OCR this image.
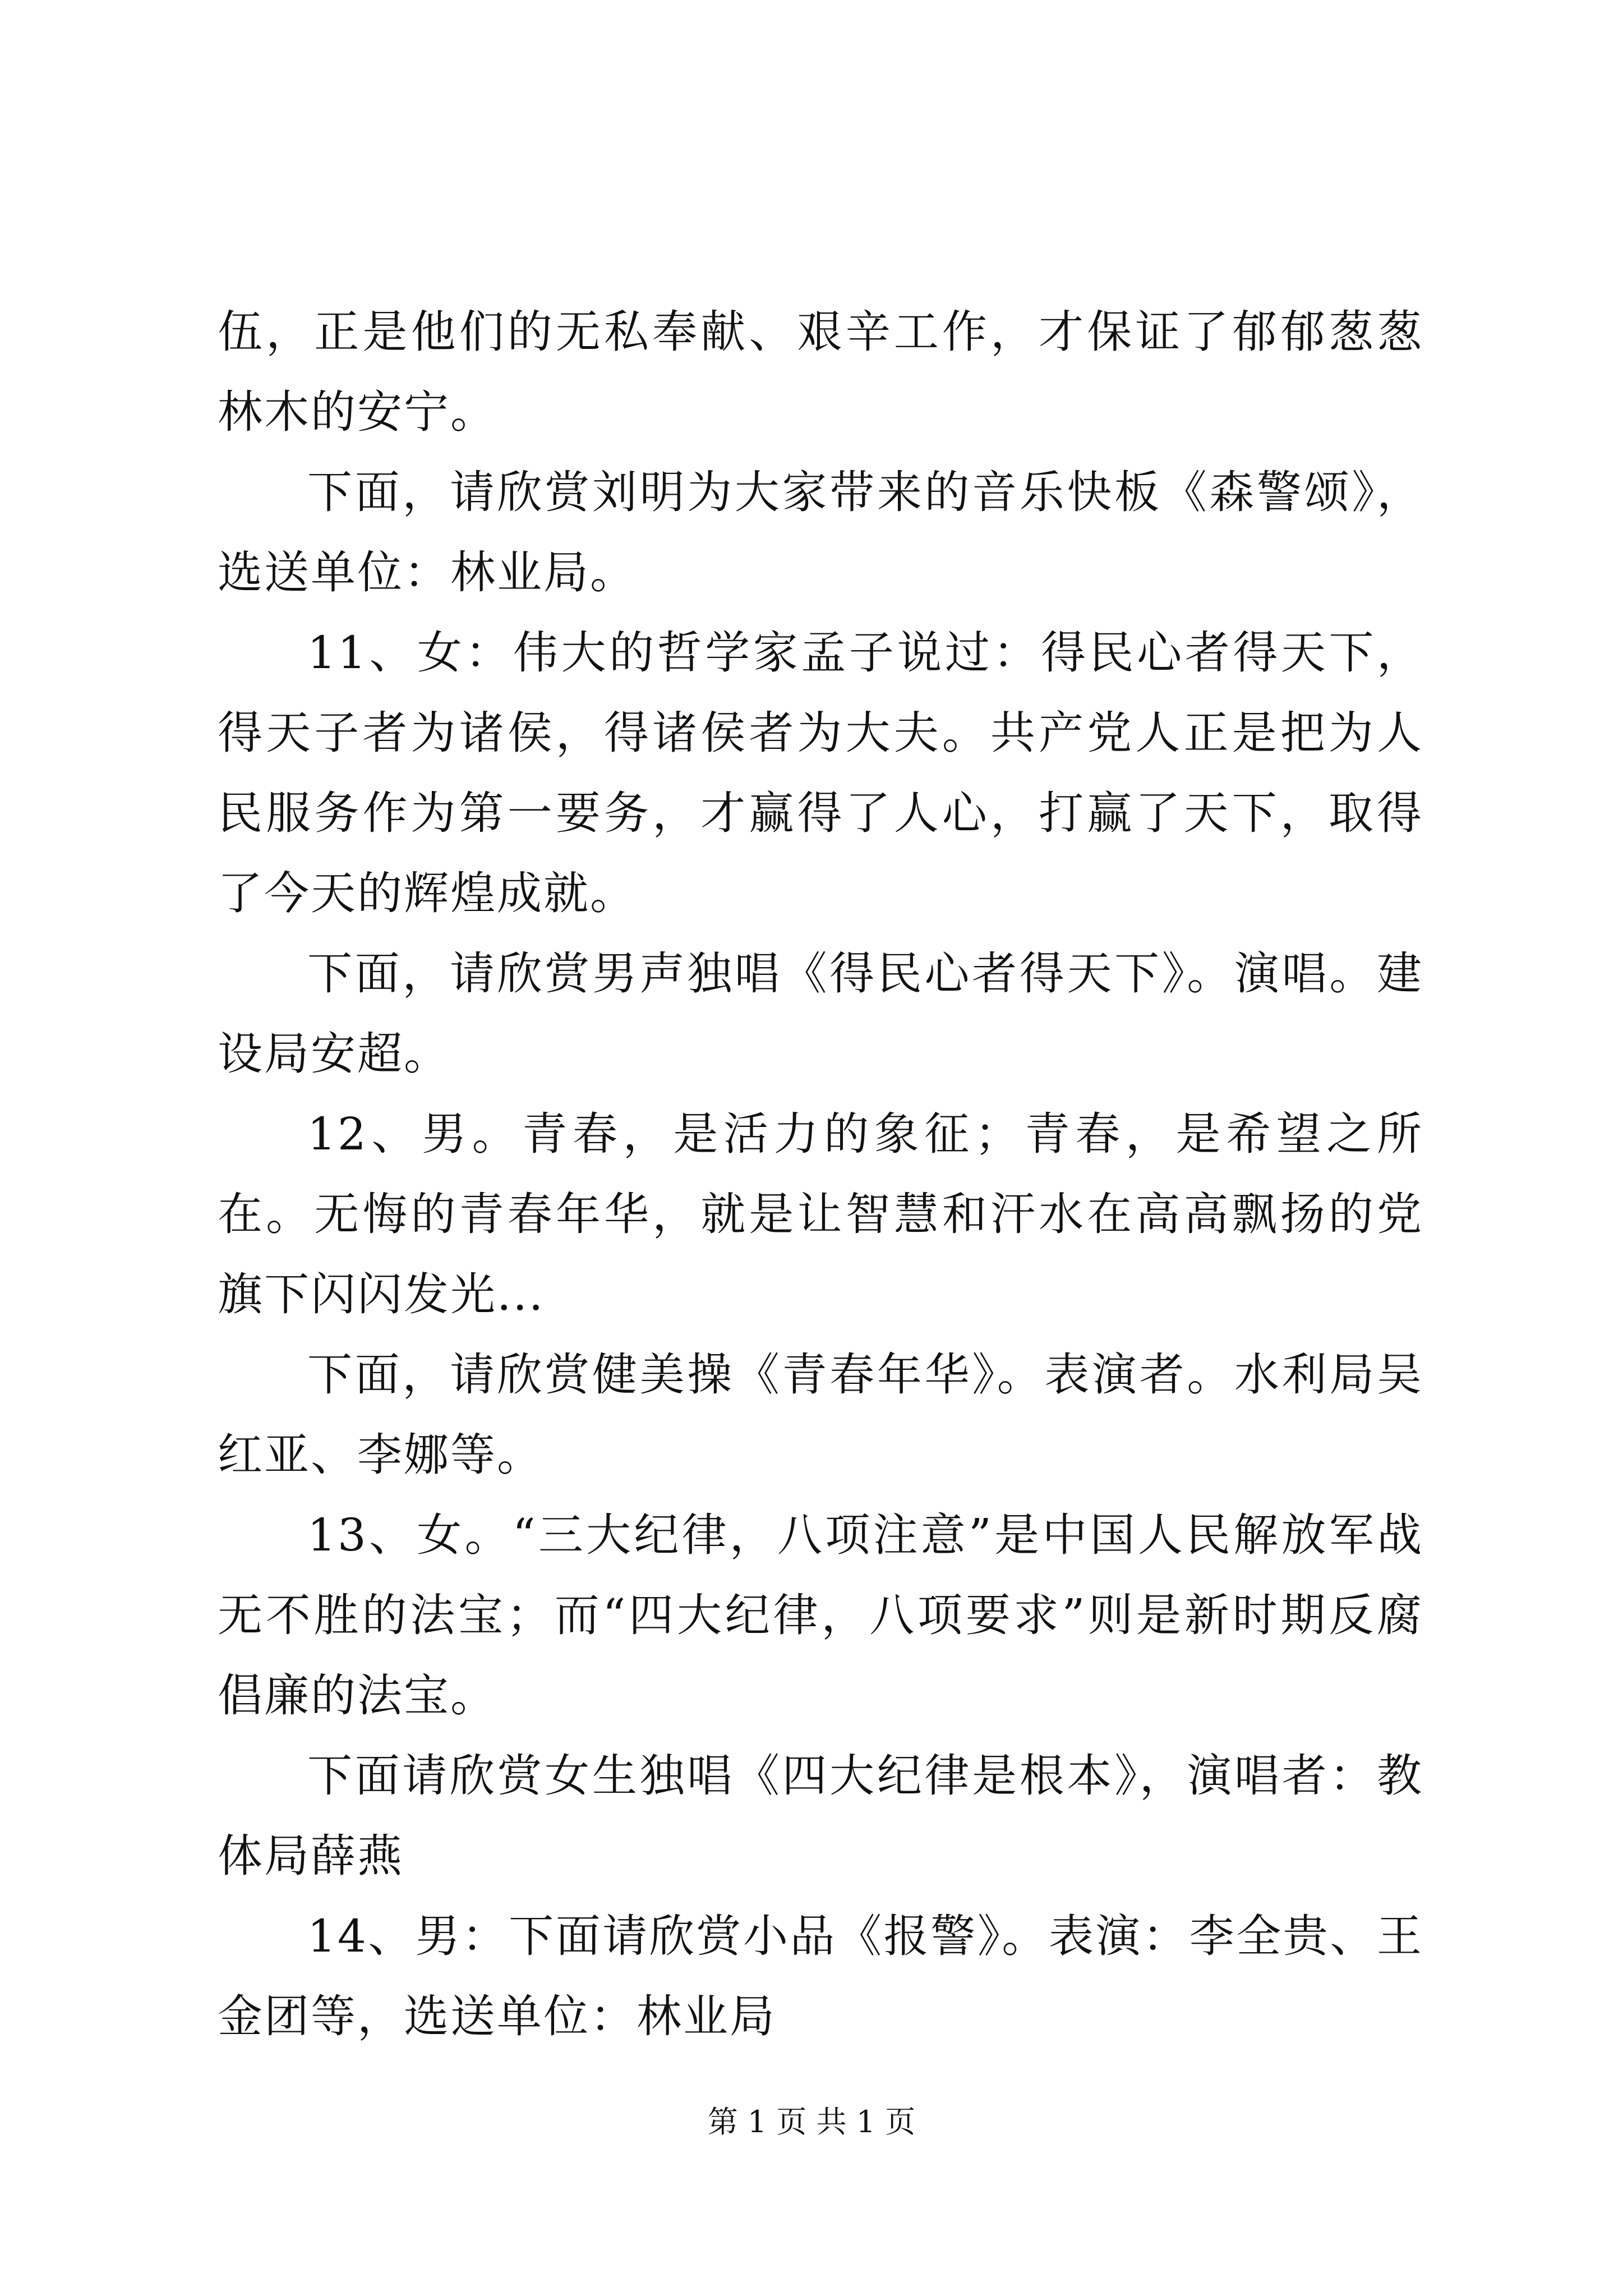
伍，正是他们的无私奉献、艰辛工作，才保证了郁郁葱葱林木的安宁。

下面，请欣赏刘明为大家带来的音乐快板《森警颂》，选送单位：林业局。

11、女：伟大的哲学家孟子说过：得民心者得天下，得天子者为诸侯，得诸侯者为大夫。共产党人正是把为人民服务作为第一要务，才赢得了人心，打赢了天下，取得了今天的辉煌成就。

下面，请欣赏男声独唱《得民心者得天下》。演唱。建设局安超。

12、男。青春，是活力的象征；青春，是希望之所在。无悔的青春年华，就是让智慧和汗水在高高飘扬的党旗下闪闪发光...

下面，请欣赏健美操《青春年华》。表演者。水利局吴红亚、李娜等。

13、女。“三大纪律，八项注意”是中国人民解放军战无不胜的法宝；而“四大纪律，八项要求”则是新时期反腐倡廉的法宝。

下面请欣赏女生独唱《四大纪律是根本》，演唱者：教体局薛燕

14、男：下面请欣赏小品《报警》。表演：李全贵、王金团等，选送单位：林业局

第 1 页 共 1 页
